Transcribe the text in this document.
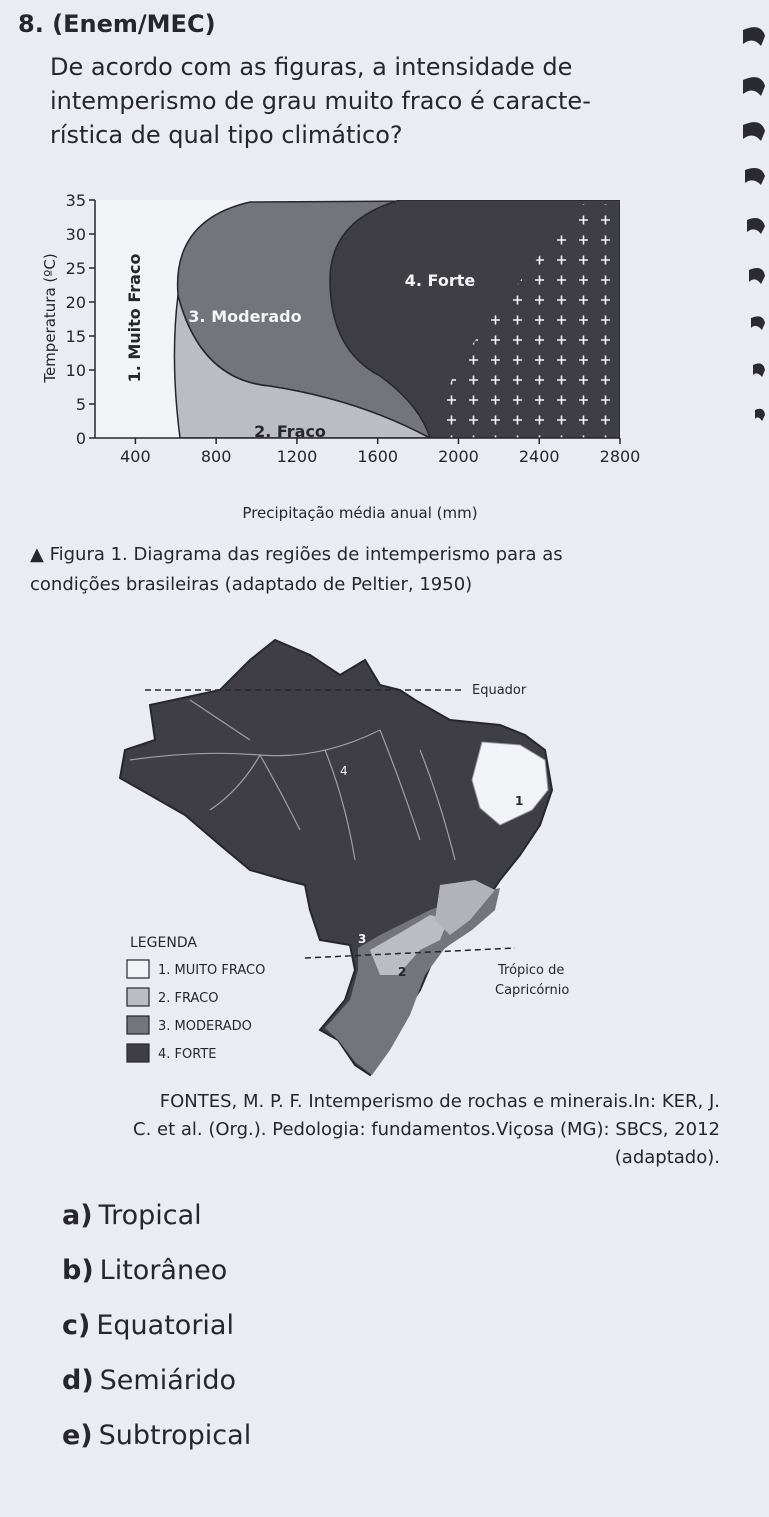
8. (Enem/MEC)
De acordo com as figuras, a intensidade de
intemperismo de grau muito fraco é caracte-
rística de qual tipo climático?
400	800	1200	1600	2000	2400	2800
0
5
10
15
20
25
30
35
Precipitação média anual (mm)
Temperatura (ºC)	1. Muito Fraco
2. Fraco
3. Moderado
4. Forte
▲ Figura 1. Diagrama das regiões de intemperismo para as
condições brasileiras (adaptado de Peltier, 1950)
Equador
Trópico de
Capricórnio
4
1
3
2
LEGENDA
1. MUITO FRACO
2. FRACO
3. MODERADO
4. FORTE
FONTES, M. P. F. Intemperismo de rochas e minerais.In: KER, J.
C. et al. (Org.). Pedologia: fundamentos.Viçosa (MG): SBCS, 2012
(adaptado).
a) Tropical
b) Litorâneo
c) Equatorial
d) Semiárido
e) Subtropical
